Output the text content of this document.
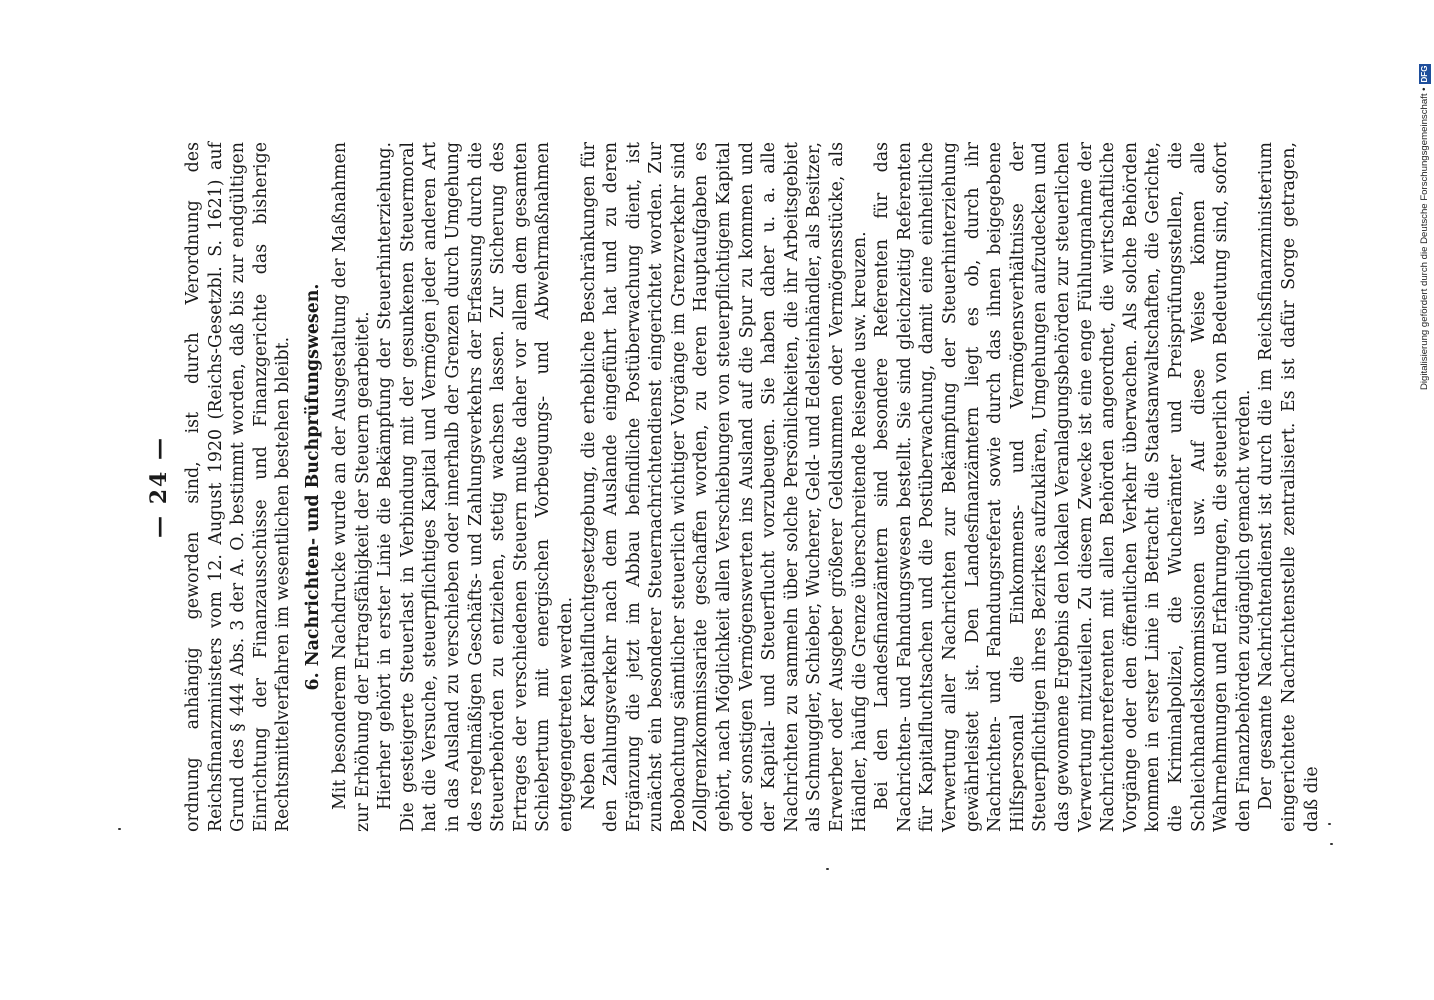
— 24 — ordnung anhängig geworden sind, ist durch Verordnung des Reichsfinanzministers vom 12. August 1920 (Reichs-Gesetzbl. S. 1621) auf Grund des § 444 Abs. 3 der A. O. bestimmt worden, daß bis zur endgültigen Einrichtung der Finanzausschüsse und Finanzgerichte das bisherige Rechtsmittelverfahren im wesentlichen bestehen bleibt. 6. Nachrichten- und Buchprüfungswesen. Mit besonderem Nachdrucke wurde an der Ausgestaltung der Maßnahmen zur Erhöhung der Ertragsfähigkeit der Steuern gearbeitet. Hierher gehört in erster Linie die Bekämpfung der Steuerhinterziehung. Die gesteigerte Steuerlast in Verbindung mit der gesunkenen Steuermoral hat die Versuche, steuerpflichtiges Kapital und Vermögen jeder anderen Art in das Ausland zu verschieben oder innerhalb der Grenzen durch Umgehung des regelmäßigen Geschäfts- und Zahlungsverkehrs der Erfassung durch die Steuerbehörden zu entziehen, stetig wachsen lassen. Zur Sicherung des Ertrages der verschiedenen Steuern mußte daher vor allem dem gesamten Schiebertum mit energischen Vorbeugungs- und Abwehrmaßnahmen entgegengetreten werden. Neben der Kapitalfluchtgesetzgebung, die erhebliche Beschränkungen für den Zahlungsverkehr nach dem Auslande eingeführt hat und zu deren Ergänzung die jetzt im Abbau befindliche Postüberwachung dient, ist zunächst ein besonderer Steuernachrichtendienst eingerichtet worden. Zur Beobachtung sämtlicher steuerlich wichtiger Vorgänge im Grenzverkehr sind Zollgrenzkommissariate geschaffen worden, zu deren Hauptaufgaben es gehört, nach Möglichkeit allen Verschiebungen von steuerpflichtigem Kapital oder sonstigen Vermögenswerten ins Ausland auf die Spur zu kommen und der Kapital- und Steuerflucht vorzubeugen. Sie haben daher u. a. alle Nachrichten zu sammeln über solche Persönlichkeiten, die ihr Arbeitsgebiet als Schmuggler, Schieber, Wucherer, Geld- und Edelsteinhändler, als Besitzer, Erwerber oder Ausgeber größerer Geldsummen oder Vermögensstücke, als Händler, häufig die Grenze überschreitende Reisende usw. kreuzen. Bei den Landesfinanzämtern sind besondere Referenten für das Nachrichten- und Fahndungswesen bestellt. Sie sind gleichzeitig Referenten für Kapitalfluchtsachen und die Postüberwachung, damit eine einheitliche Verwertung aller Nachrichten zur Bekämpfung der Steuerhinterziehung gewährleistet ist. Den Landesfinanzämtern liegt es ob, durch ihr Nachrichten- und Fahndungsreferat sowie durch das ihnen beigegebene Hilfspersonal die Einkommens- und Vermögensverhältnisse der Steuerpflichtigen ihres Bezirkes aufzuklären, Umgehungen aufzudecken und das gewonnene Ergebnis den lokalen Veranlagungsbehörden zur steuerlichen Verwertung mitzuteilen. Zu diesem Zwecke ist eine enge Fühlungnahme der Nachrichtenreferenten mit allen Behörden angeordnet, die wirtschaftliche Vorgänge oder den öffentlichen Verkehr überwachen. Als solche Behörden kommen in erster Linie in Betracht die Staatsanwaltschaften, die Gerichte, die Kriminalpolizei, die Wucherämter und Preisprüfungsstellen, die Schleichhandelskommissionen usw. Auf diese Weise können alle Wahrnehmungen und Erfahrungen, die steuerlich von Bedeutung sind, sofort den Finanzbehörden zugänglich gemacht werden. Der gesamte Nachrichtendienst ist durch die im Reichsfinanzministerium eingerichtete Nachrichtenstelle zentralisiert. Es ist dafür Sorge getragen, daß die

Digitalisierung gefördert durch die Deutsche Forschungsgemeinschaft •DFG
